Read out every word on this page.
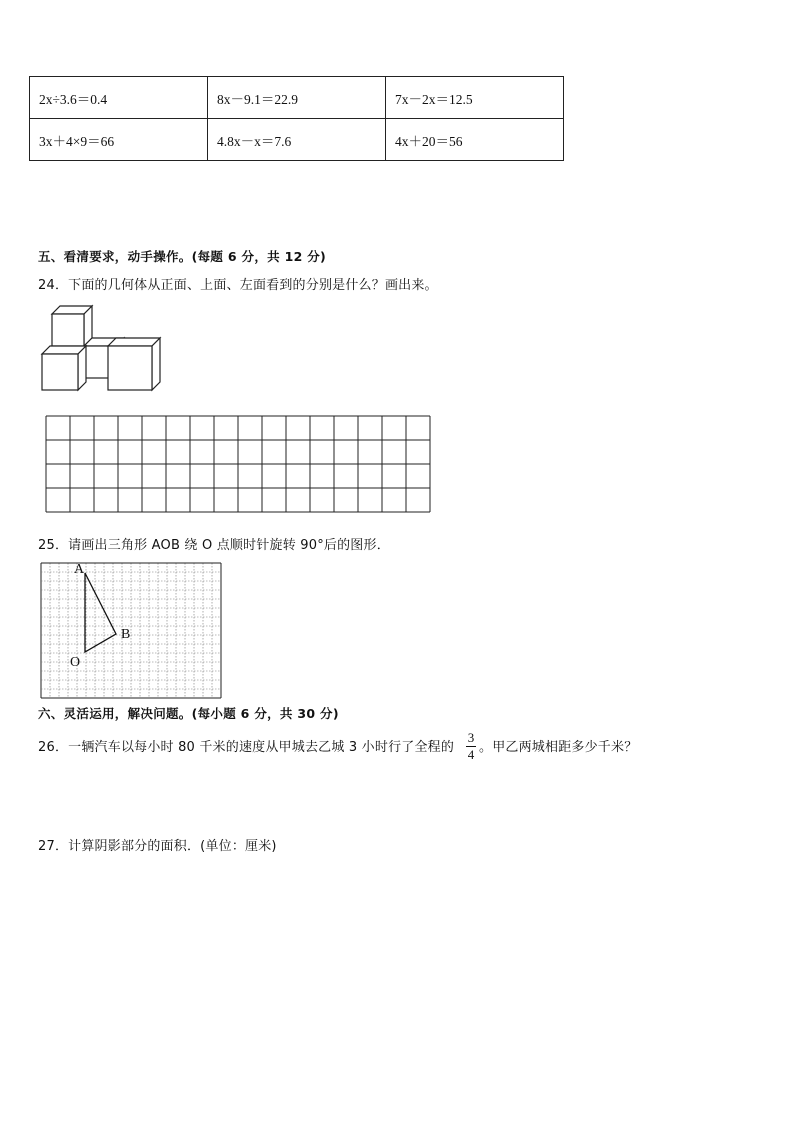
2x÷3.6＝0.4	8x－9.1＝22.9	7x－2x＝12.5
3x＋4×9＝66	4.8x－x＝7.6	4x＋20＝56
五、看清要求，动手操作。(每题 6 分，共 12 分)
24．下面的几何体从正面、上面、左面看到的分别是什么？画出来。
25．请画出三角形 AOB 绕 O 点顺时针旋转 90°后的图形．
A
B
O
六、灵活运用，解决问题。(每小题 6 分，共 30 分)
26．一辆汽车以每小时 80 千米的速度从甲城去乙城 3 小时行了全程的
3
4 。甲乙两城相距多少千米？
27．计算阴影部分的面积．(单位：厘米)
